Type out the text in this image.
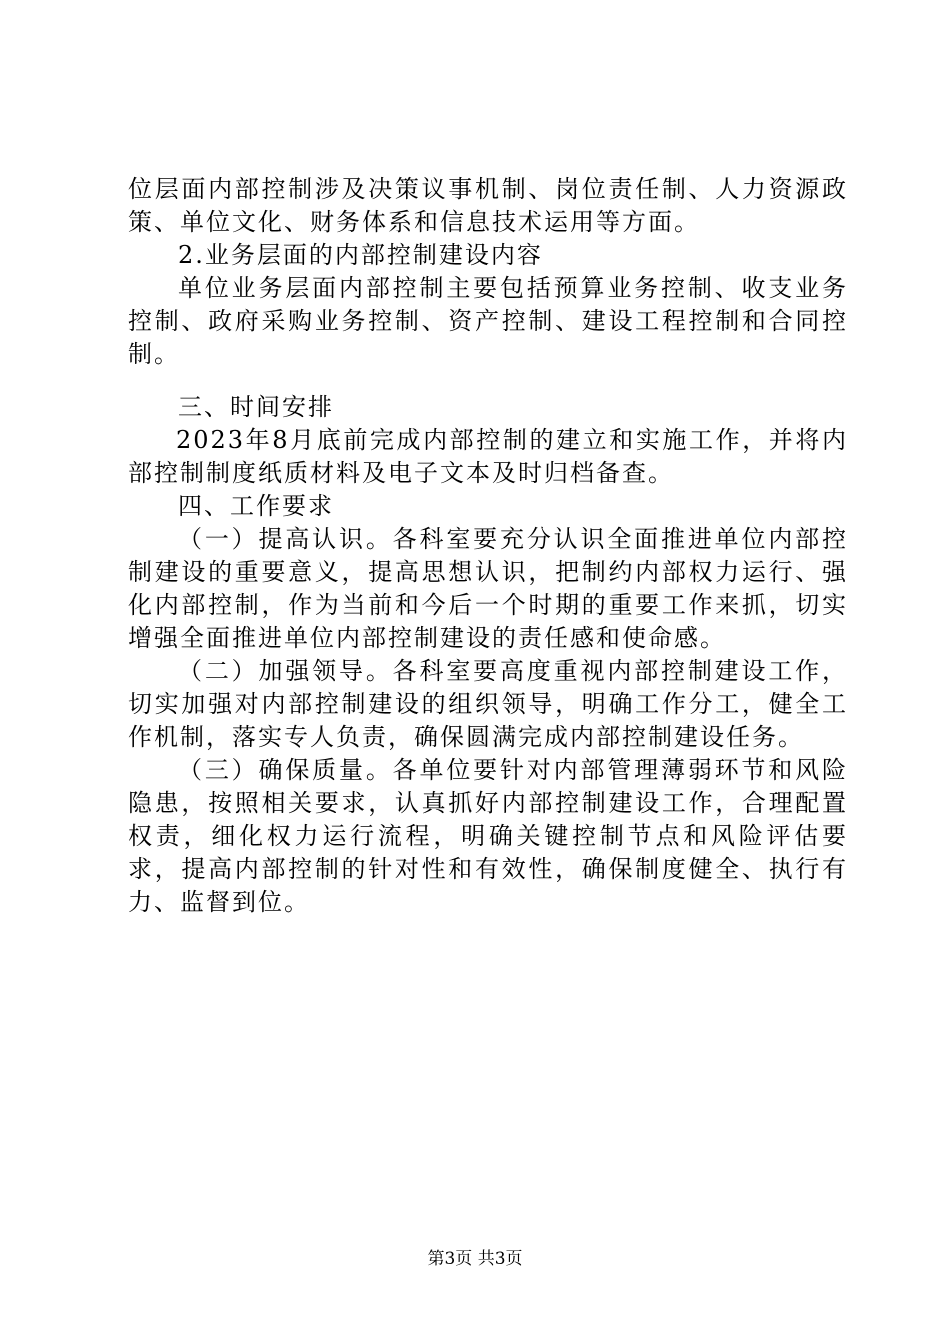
位层面内部控制涉及决策议事机制、岗位责任制、人力资源政策、单位文化、财务体系和信息技术运用等方面。

2.业务层面的内部控制建设内容

单位业务层面内部控制主要包括预算业务控制、收支业务控制、政府采购业务控制、资产控制、建设工程控制和合同控制。

三、时间安排

2023年8月底前完成内部控制的建立和实施工作，并将内部控制制度纸质材料及电子文本及时归档备查。

四、工作要求

（一）提高认识。各科室要充分认识全面推进单位内部控制建设的重要意义，提高思想认识，把制约内部权力运行、强化内部控制，作为当前和今后一个时期的重要工作来抓，切实增强全面推进单位内部控制建设的责任感和使命感。

（二）加强领导。各科室要高度重视内部控制建设工作，切实加强对内部控制建设的组织领导，明确工作分工，健全工作机制，落实专人负责，确保圆满完成内部控制建设任务。

（三）确保质量。各单位要针对内部管理薄弱环节和风险隐患，按照相关要求，认真抓好内部控制建设工作，合理配置权责，细化权力运行流程，明确关键控制节点和风险评估要求，提高内部控制的针对性和有效性，确保制度健全、执行有力、监督到位。

第3页 共3页
